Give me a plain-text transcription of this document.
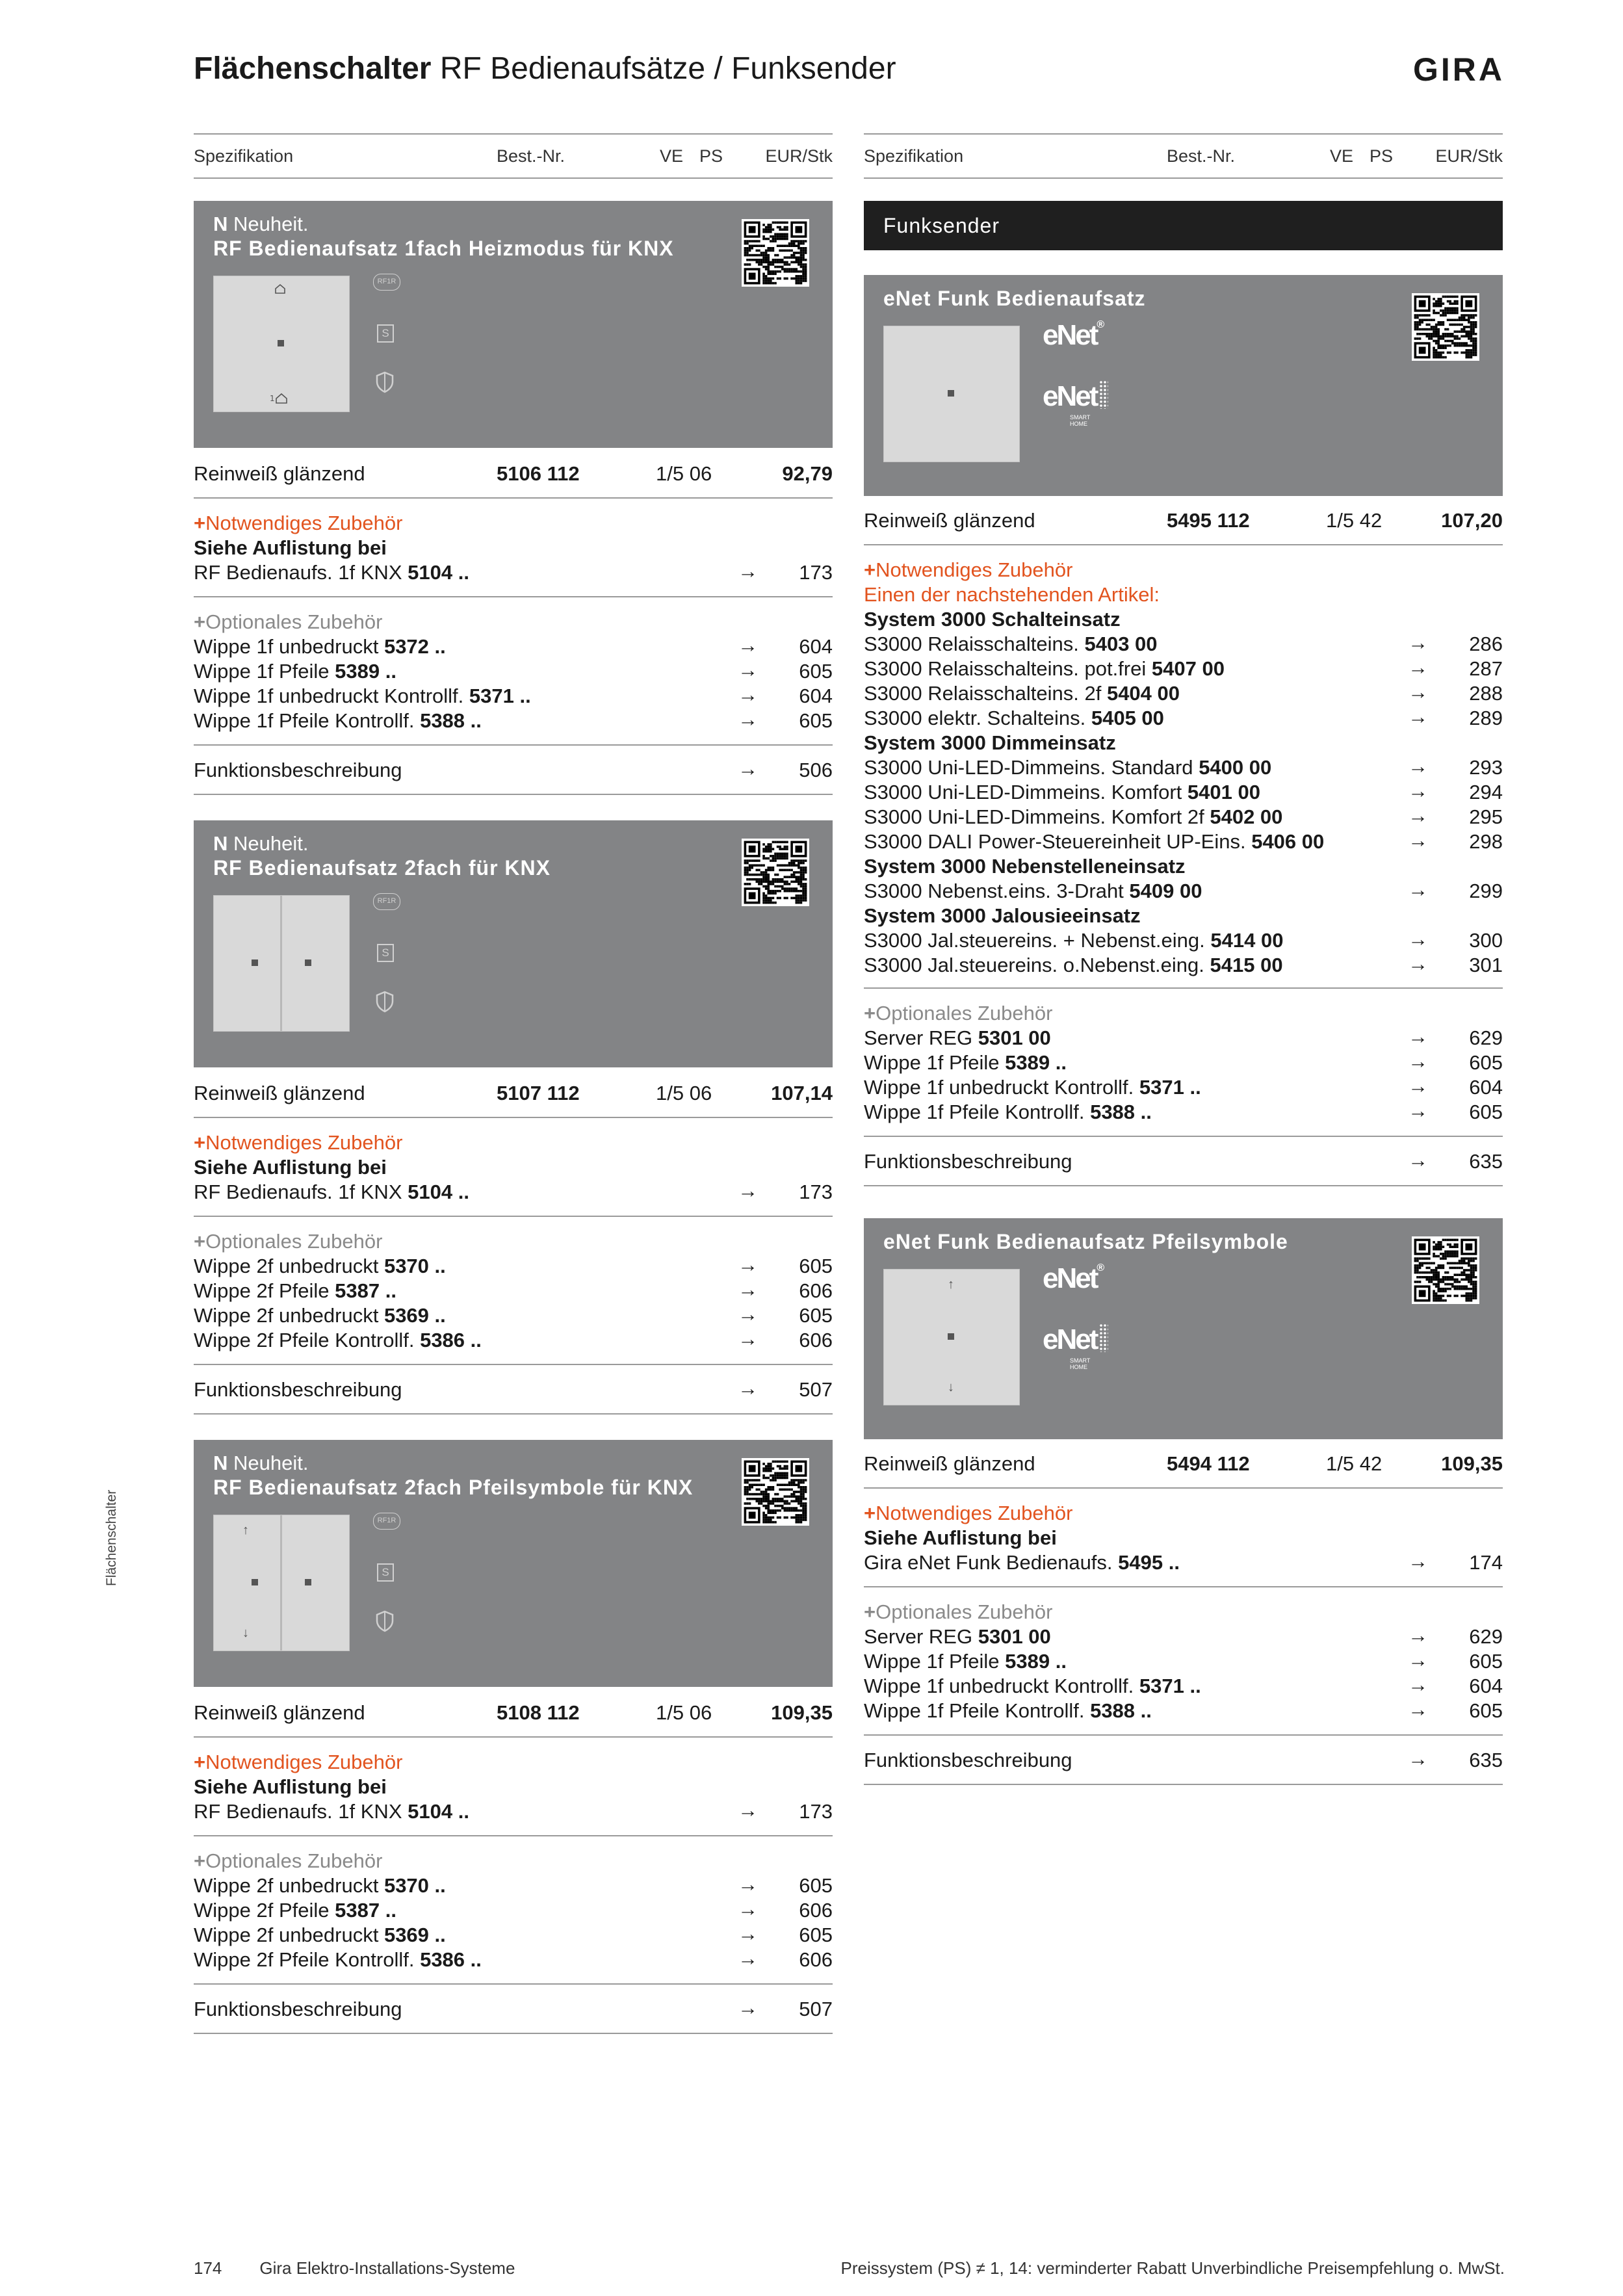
Flächenschalter RF Bedienaufsätze / Funksender	GIRA
Flächenschalter
Spezifikation	Best.-Nr.	VE PS EUR/Stk
N Neuheit.
RF Bedienaufsatz 1fach Heizmodus für KNX
1
RF1R
S
Reinweiß glänzend	5106 112	1/5 06	92,79
+Notwendiges Zubehör
Siehe Auflistung bei
RF Bedienaufs. 1f KNX 5104 ..	→ 173
+Optionales Zubehör
Wippe 1f unbedruckt 5372 ..	→ 604
Wippe 1f Pfeile 5389 ..	→ 605
Wippe 1f unbedruckt Kontrollf. 5371 ..	→ 604
Wippe 1f Pfeile Kontrollf. 5388 ..	→ 605
Funktionsbeschreibung	→ 506
N Neuheit.
RF Bedienaufsatz 2fach für KNX
RF1R
S
Reinweiß glänzend	5107 112	1/5 06	107,14
+Notwendiges Zubehör
Siehe Auflistung bei
RF Bedienaufs. 1f KNX 5104 ..	→ 173
+Optionales Zubehör
Wippe 2f unbedruckt 5370 ..	→ 605
Wippe 2f Pfeile 5387 ..	→ 606
Wippe 2f unbedruckt 5369 ..	→ 605
Wippe 2f Pfeile Kontrollf. 5386 ..	→ 606
Funktionsbeschreibung	→ 507
N Neuheit.
RF Bedienaufsatz 2fach Pfeilsymbole für KNX
↑
↓
RF1R
S
Reinweiß glänzend	5108 112	1/5 06	109,35
+Notwendiges Zubehör
Siehe Auflistung bei
RF Bedienaufs. 1f KNX 5104 ..	→ 173
+Optionales Zubehör
Wippe 2f unbedruckt 5370 ..	→ 605
Wippe 2f Pfeile 5387 ..	→ 606
Wippe 2f unbedruckt 5369 ..	→ 605
Wippe 2f Pfeile Kontrollf. 5386 ..	→ 606
Funktionsbeschreibung	→ 507
Spezifikation	Best.-Nr.	VE PS EUR/Stk
Funksender
eNet Funk Bedienaufsatz
eNet®
eNet
SMART HOME
Reinweiß glänzend	5495 112	1/5 42	107,20
+Notwendiges Zubehör
Einen der nachstehenden Artikel:
System 3000 Schalteinsatz
S3000 Relaisschalteins. 5403 00	→ 286
S3000 Relaisschalteins. pot.frei 5407 00	→ 287
S3000 Relaisschalteins. 2f 5404 00	→ 288
S3000 elektr. Schalteins. 5405 00	→ 289
System 3000 Dimmeinsatz
S3000 Uni-LED-Dimmeins. Standard 5400 00	→ 293
S3000 Uni-LED-Dimmeins. Komfort 5401 00	→ 294
S3000 Uni-LED-Dimmeins. Komfort 2f 5402 00	→ 295
S3000 DALI Power-Steuereinheit UP-Eins. 5406 00	→ 298
System 3000 Nebenstelleneinsatz
S3000 Nebenst.eins. 3-Draht 5409 00	→ 299
System 3000 Jalousieeinsatz
S3000 Jal.steuereins. + Nebenst.eing. 5414 00	→ 300
S3000 Jal.steuereins. o.Nebenst.eing. 5415 00	→ 301
+Optionales Zubehör
Server REG 5301 00	→ 629
Wippe 1f Pfeile 5389 ..	→ 605
Wippe 1f unbedruckt Kontrollf. 5371 ..	→ 604
Wippe 1f Pfeile Kontrollf. 5388 ..	→ 605
Funktionsbeschreibung	→ 635
eNet Funk Bedienaufsatz Pfeilsymbole
↑
↓
eNet®
eNet
SMART HOME
Reinweiß glänzend	5494 112	1/5 42	109,35
+Notwendiges Zubehör
Siehe Auflistung bei
Gira eNet Funk Bedienaufs. 5495 ..	→ 174
+Optionales Zubehör
Server REG 5301 00	→ 629
Wippe 1f Pfeile 5389 ..	→ 605
Wippe 1f unbedruckt Kontrollf. 5371 ..	→ 604
Wippe 1f Pfeile Kontrollf. 5388 ..	→ 605
Funktionsbeschreibung	→ 635
174 Gira Elektro-Installations-Systeme	Preissystem (PS) ≠ 1, 14: verminderter Rabatt Unverbindliche Preisempfehlung o. MwSt.
